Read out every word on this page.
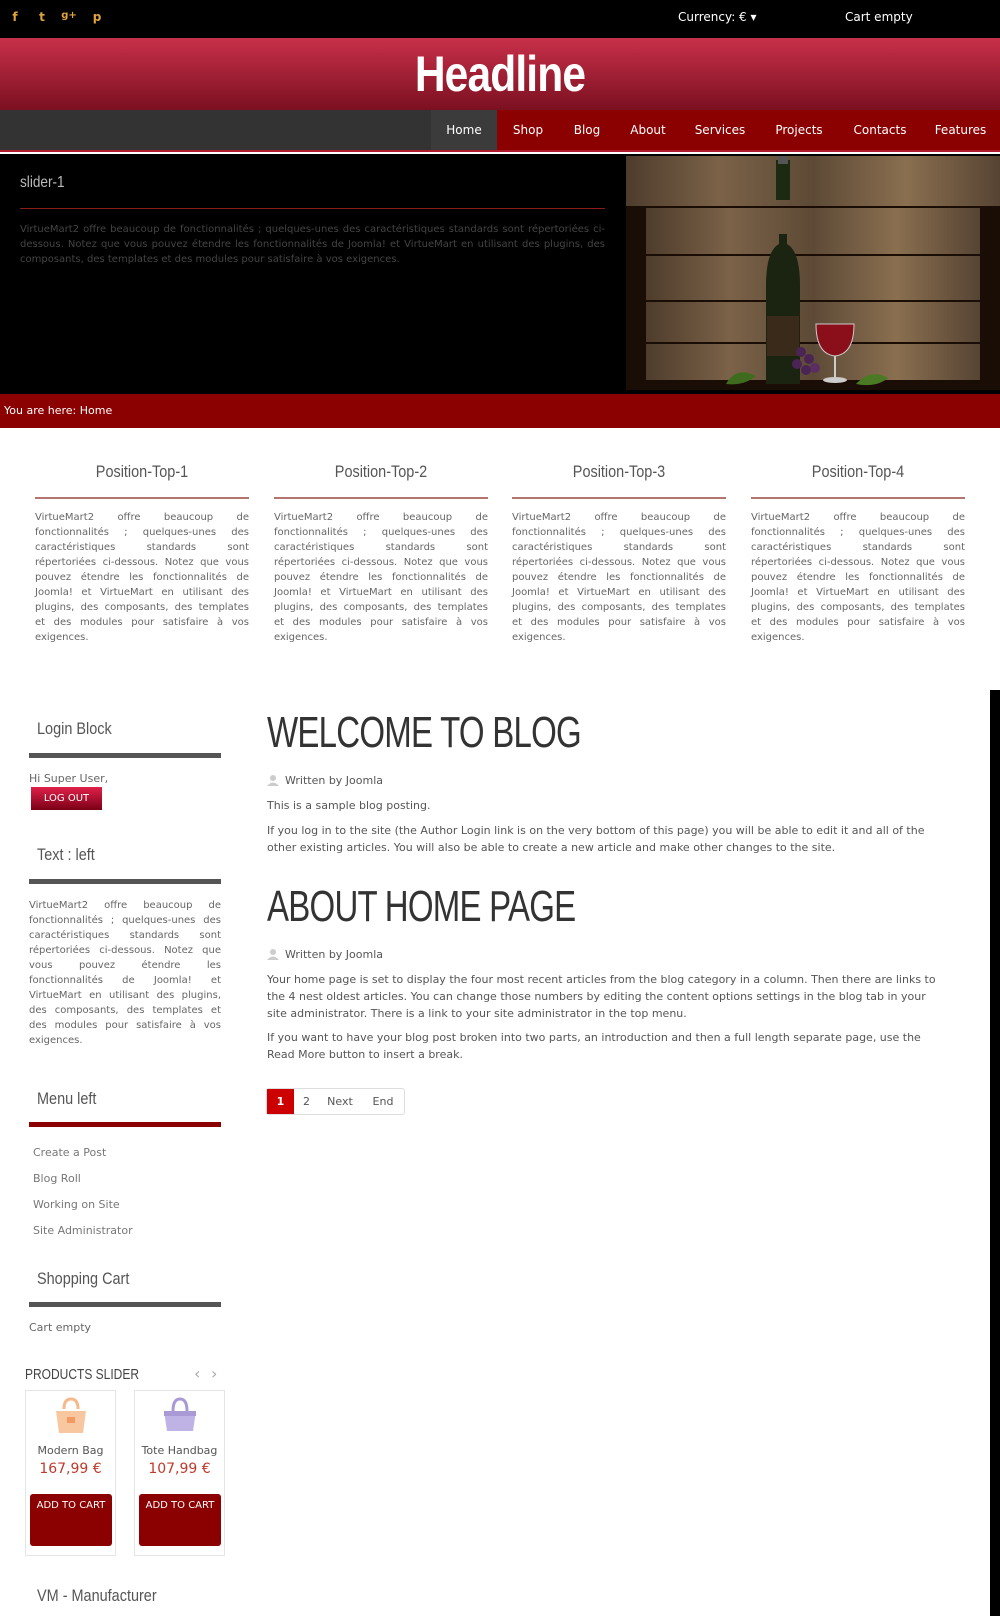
f	t	g+	p	Currency: € ▾	Cart empty
Headline
Home	Shop	Blog	About	Services	Projects	Contacts	Features
slider-1
VirtueMart2 offre beaucoup de fonctionnalités ; quelques-unes des caractéristiques standards sont répertoriées ci-dessous. Notez que vous pouvez étendre les fonctionnalités de Joomla! et VirtueMart en utilisant des plugins, des composants, des templates et des modules pour satisfaire à vos exigences.
You are here: Home
Position-Top-1
VirtueMart2 offre beaucoup de fonctionnalités ; quelques-unes des caractéristiques standards sont répertoriées ci-dessous. Notez que vous pouvez étendre les fonctionnalités de Joomla! et VirtueMart en utilisant des plugins, des composants, des templates et des modules pour satisfaire à vos exigences.
Position-Top-2
VirtueMart2 offre beaucoup de fonctionnalités ; quelques-unes des caractéristiques standards sont répertoriées ci-dessous. Notez que vous pouvez étendre les fonctionnalités de Joomla! et VirtueMart en utilisant des plugins, des composants, des templates et des modules pour satisfaire à vos exigences.
Position-Top-3
VirtueMart2 offre beaucoup de fonctionnalités ; quelques-unes des caractéristiques standards sont répertoriées ci-dessous. Notez que vous pouvez étendre les fonctionnalités de Joomla! et VirtueMart en utilisant des plugins, des composants, des templates et des modules pour satisfaire à vos exigences.
Position-Top-4
VirtueMart2 offre beaucoup de fonctionnalités ; quelques-unes des caractéristiques standards sont répertoriées ci-dessous. Notez que vous pouvez étendre les fonctionnalités de Joomla! et VirtueMart en utilisant des plugins, des composants, des templates et des modules pour satisfaire à vos exigences.
Login Block
Hi Super User,
LOG OUT
Text : left
VirtueMart2 offre beaucoup de fonctionnalités ; quelques-unes des caractéristiques standards sont répertoriées ci-dessous. Notez que vous pouvez étendre les fonctionnalités de Joomla! et VirtueMart en utilisant des plugins, des composants, des templates et des modules pour satisfaire à vos exigences.
Menu left
Create a Post
Blog Roll
Working on Site
Site Administrator
Shopping Cart
Cart empty
PRODUCTS SLIDER	‹ ›
Modern Bag
167,99 €
ADD TO CART
Tote Handbag
107,99 €
ADD TO CART
VM - Manufacturer
WELCOME TO BLOG
Written by Joomla
This is a sample blog posting.
If you log in to the site (the Author Login link is on the very bottom of this page) you will be able to edit it and all of the other existing articles. You will also be able to create a new article and make other changes to the site.
ABOUT HOME PAGE
Written by Joomla
Your home page is set to display the four most recent articles from the blog category in a column. Then there are links to the 4 nest oldest articles. You can change those numbers by editing the content options settings in the blog tab in your site administrator. There is a link to your site administrator in the top menu.
If you want to have your blog post broken into two parts, an introduction and then a full length separate page, use the Read More button to insert a break.
1	2	Next	End
